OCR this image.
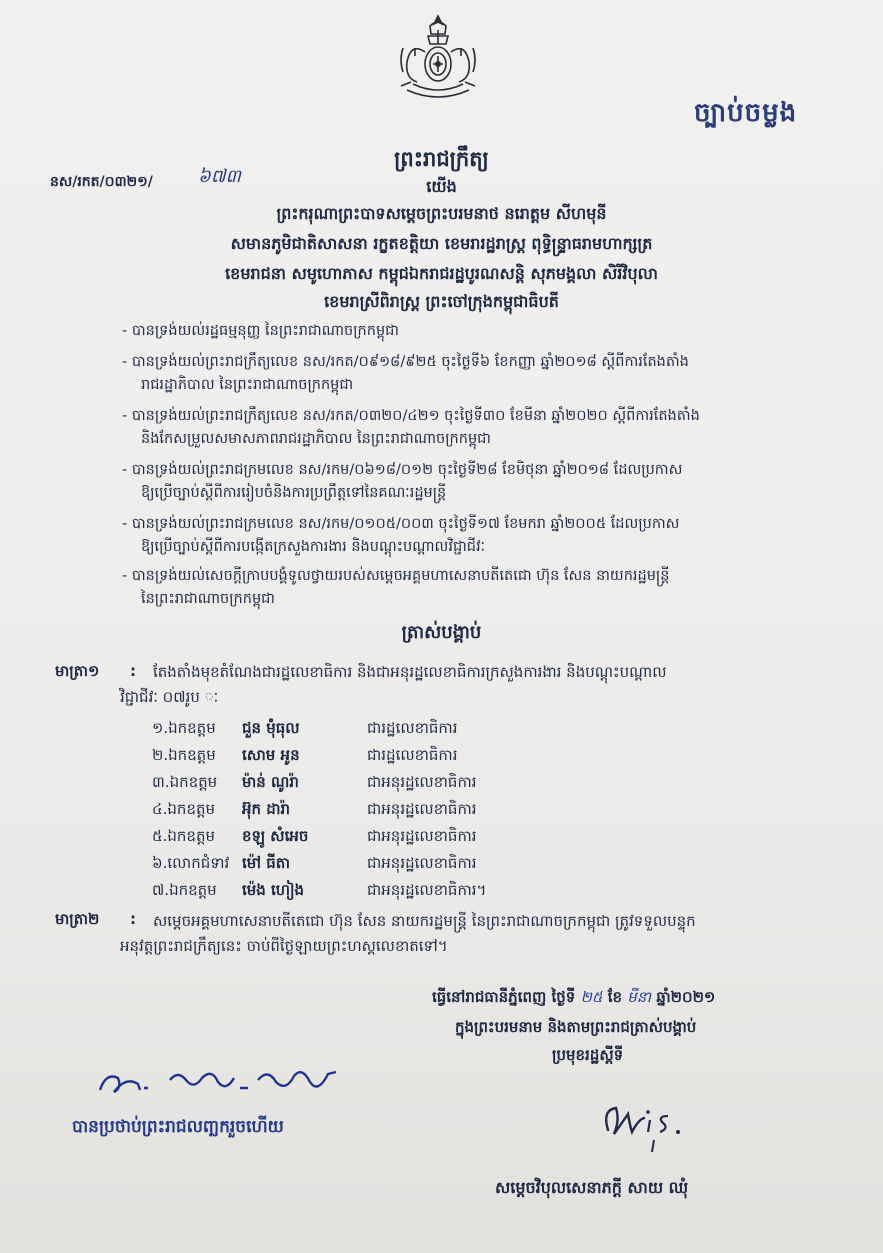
ច្បាប់ចម្លង
ព្រះរាជក្រឹត្យ
នស/រកត/០៣២១/	៦៧៣	យើង
ព្រះករុណាព្រះបាទសម្តេចព្រះបរមនាថ នរោត្តម សីហមុនី
សមានភូមិជាតិសាសនា រក្ខតខត្តិយា ខេមរារដ្ឋរាស្ត្រ ពុទ្ធិន្ទ្រាធរាមហាក្សត្រ
ខេមរាជនា សមូហោភាស កម្ពុជឯករាជរដ្ឋបូរណសន្តិ សុភមង្គលា សិរីវិបុលា
ខេមរាស្រីពិរាស្ត្រ ព្រះចៅក្រុងកម្ពុជាធិបតី
- បានទ្រង់យល់រដ្ឋធម្មនុញ្ញ នៃព្រះរាជាណាចក្រកម្ពុជា
- បានទ្រង់យល់ព្រះរាជក្រឹត្យលេខ នស/រកត/០៩១៨/៩២៥ ចុះថ្ងៃទី៦ ខែកញ្ញា ឆ្នាំ២០១៨ ស្តីពីការតែងតាំង
រាជរដ្ឋាភិបាល នៃព្រះរាជាណាចក្រកម្ពុជា
- បានទ្រង់យល់ព្រះរាជក្រឹត្យលេខ នស/រកត/០៣២០/៤២១ ចុះថ្ងៃទី៣០ ខែមីនា ឆ្នាំ២០២០ ស្តីពីការតែងតាំង
និងកែសម្រួលសមាសភាពរាជរដ្ឋាភិបាល នៃព្រះរាជាណាចក្រកម្ពុជា
- បានទ្រង់យល់ព្រះរាជក្រមលេខ នស/រកម/០៦១៨/០១២ ចុះថ្ងៃទី២៨ ខែមិថុនា ឆ្នាំ២០១៨ ដែលប្រកាស
ឱ្យប្រើច្បាប់ស្តីពីការរៀបចំនិងការប្រព្រឹត្តទៅនៃគណៈរដ្ឋមន្ត្រី
- បានទ្រង់យល់ព្រះរាជក្រមលេខ នស/រកម/០១០៥/០០៣ ចុះថ្ងៃទី១៧ ខែមករា ឆ្នាំ២០០៥ ដែលប្រកាស
ឱ្យប្រើច្បាប់ស្តីពីការបង្កើតក្រសួងការងារ និងបណ្តុះបណ្តាលវិជ្ជាជីវៈ
- បានទ្រង់យល់សេចក្តីក្រាបបង្គំទូលថ្វាយរបស់សម្តេចអគ្គមហាសេនាបតីតេជោ ហ៊ុន សែន នាយករដ្ឋមន្ត្រី
នៃព្រះរាជាណាចក្រកម្ពុជា
ត្រាស់បង្គាប់
មាត្រា១ : តែងតាំងមុខតំណែងជារដ្ឋលេខាធិការ និងជាអនុរដ្ឋលេខាធិការក្រសួងការងារ និងបណ្តុះបណ្តាល
វិជ្ជាជីវៈ ០៧រូប ៈ
១.ឯកឧត្តម ជួន ម៉ុំធុល	ជារដ្ឋលេខាធិការ
២.ឯកឧត្តម សោម អូន	ជារដ្ឋលេខាធិការ
៣.ឯកឧត្តម ម៉ាន់ ណូរ៉ា	ជាអនុរដ្ឋលេខាធិការ
៤.ឯកឧត្តម អ៊ុក ដារ៉ា	ជាអនុរដ្ឋលេខាធិការ
៥.ឯកឧត្តម ខឡូ សំអេច	ជាអនុរដ្ឋលេខាធិការ
៦.លោកជំទាវ ម៉ៅ ធីតា	ជាអនុរដ្ឋលេខាធិការ
៧.ឯកឧត្តម ម៉េង ហៀង	ជាអនុរដ្ឋលេខាធិការ។
មាត្រា២ : សម្តេចអគ្គមហាសេនាបតីតេជោ ហ៊ុន សែន នាយករដ្ឋមន្ត្រី នៃព្រះរាជាណាចក្រកម្ពុជា ត្រូវទទួលបន្ទុក
អនុវត្តព្រះរាជក្រឹត្យនេះ ចាប់ពីថ្ងៃឡាយព្រះហស្តលេខាតទៅ។
ធ្វើនៅរាជធានីភ្នំពេញ ថ្ងៃទី ២៥ ខែ មីនា ឆ្នាំ២០២១
ក្នុងព្រះបរមនាម និងតាមព្រះរាជត្រាស់បង្គាប់
ប្រមុខរដ្ឋស្តីទី
សម្តេចវិបុលសេនាភក្តី សាយ ឈុំ
បានប្រថាប់ព្រះរាជលញ្ឆករួចហើយ
